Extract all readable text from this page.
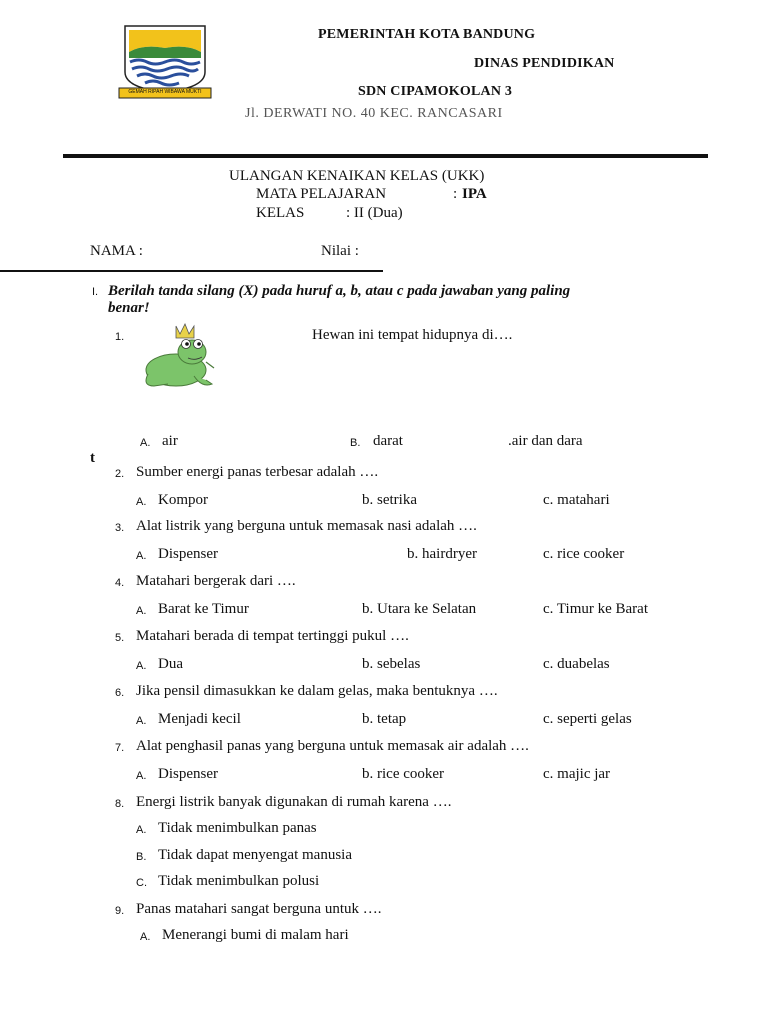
GEMAH RIPAH WIBAWA MUKTI
PEMERINTAH KOTA BANDUNG
DINAS PENDIDIKAN
SDN CIPAMOKOLAN 3
Jl. DERWATI NO. 40 KEC. RANCASARI
ULANGAN KENAIKAN KELAS (UKK)
MATA PELAJARAN	: IPA
KELAS	: II (Dua)
NAMA :	Nilai :
I. Berilah tanda silang (X) pada huruf a, b, atau c pada jawaban yang paling
benar!
1.	Hewan ini tempat hidupnya di….
A. air	B. darat	.air dan dara
t
2. Sumber energi panas terbesar adalah ….
A. Kompor	b. setrika	c. matahari
3. Alat listrik yang berguna untuk memasak nasi adalah ….
A. Dispenser	b. hairdryer	c. rice cooker
4. Matahari bergerak dari ….
A. Barat ke Timur	b. Utara ke Selatan	c. Timur ke Barat
5. Matahari berada di tempat tertinggi pukul ….
A. Dua	b. sebelas	c. duabelas
6. Jika pensil dimasukkan ke dalam gelas, maka bentuknya ….
A. Menjadi kecil	b. tetap	c. seperti gelas
7. Alat penghasil panas yang berguna untuk memasak air adalah ….
A. Dispenser	b. rice cooker	c. majic jar
8. Energi listrik banyak digunakan di rumah karena ….
A. Tidak menimbulkan panas
B. Tidak dapat menyengat manusia
C. Tidak menimbulkan polusi
9. Panas matahari sangat berguna untuk ….
A. Menerangi bumi di malam hari
